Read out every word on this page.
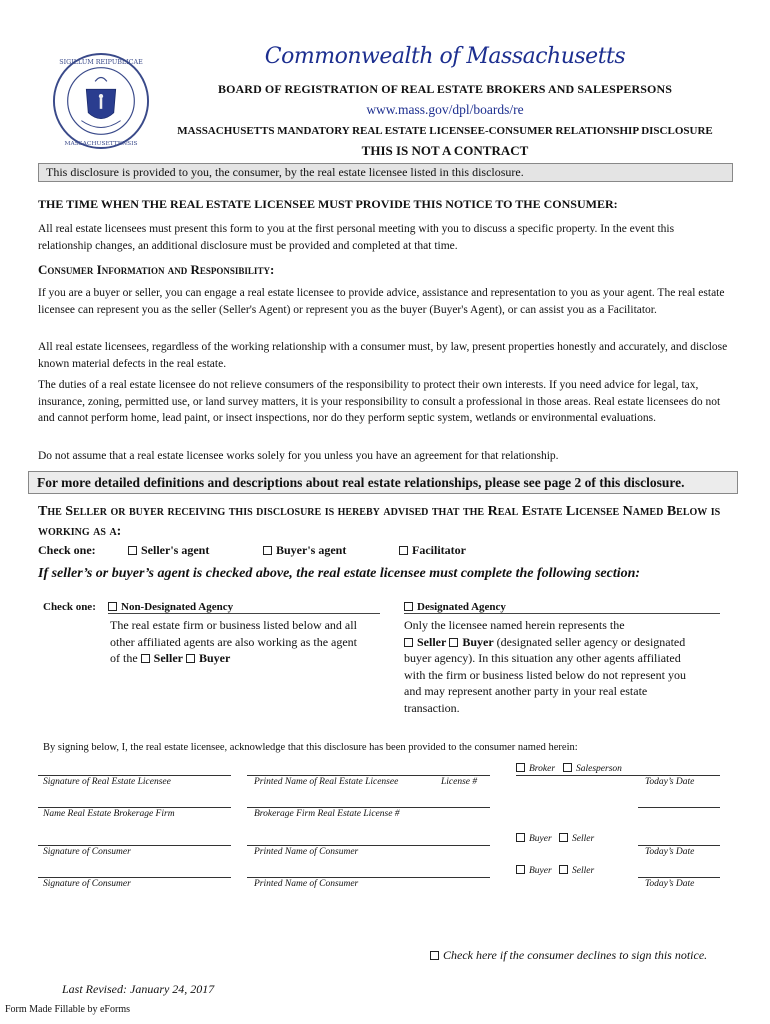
SIGILLUM REIPUBLICAE
MASSACHUSETTENSIS
Commonwealth of Massachusetts
BOARD OF REGISTRATION OF REAL ESTATE BROKERS AND SALESPERSONS
www.mass.gov/dpl/boards/re
MASSACHUSETTS MANDATORY REAL ESTATE LICENSEE-CONSUMER RELATIONSHIP DISCLOSURE
THIS IS NOT A CONTRACT
This disclosure is provided to you, the consumer, by the real estate licensee listed in this disclosure.
THE TIME WHEN THE REAL ESTATE LICENSEE MUST PROVIDE THIS NOTICE TO THE CONSUMER:
All real estate licensees must present this form to you at the first personal meeting with you to discuss a specific property. In the event this relationship changes, an additional disclosure must be provided and completed at that time.
Consumer Information and Responsibility:
If you are a buyer or seller, you can engage a real estate licensee to provide advice, assistance and representation to you as your agent. The real estate licensee can represent you as the seller (Seller's Agent) or represent you as the buyer (Buyer's Agent), or can assist you as a Facilitator.
All real estate licensees, regardless of the working relationship with a consumer must, by law, present properties honestly and accurately, and disclose known material defects in the real estate.
The duties of a real estate licensee do not relieve consumers of the responsibility to protect their own interests. If you need advice for legal, tax, insurance, zoning, permitted use, or land survey matters, it is your responsibility to consult a professional in those areas. Real estate licensees do not and cannot perform home, lead paint, or insect inspections, nor do they perform septic system, wetlands or environmental evaluations.
Do not assume that a real estate licensee works solely for you unless you have an agreement for that relationship.
For more detailed definitions and descriptions about real estate relationships, please see page 2 of this disclosure.
The Seller or buyer receiving this disclosure is hereby advised that the Real Estate Licensee Named Below is working as a:
Check one:	Seller's agent	Buyer's agent	Facilitator
If seller’s or buyer’s agent is checked above, the real estate licensee must complete the following section:
Check one:	Non-Designated Agency
The real estate firm or business listed below and all
other affiliated agents are also working as the agent
of the Seller Buyer
Designated Agency
Only the licensee named herein represents the
Seller Buyer (designated seller agency or designated
buyer agency). In this situation any other agents affiliated
with the firm or business listed below do not represent you
and may represent another party in your real estate
transaction.
By signing below, I, the real estate licensee, acknowledge that this disclosure has been provided to the consumer named herein:
Broker	Salesperson
Signature of Real Estate Licensee	Printed Name of Real Estate Licensee	License #	Today’s Date
Name Real Estate Brokerage Firm	Brokerage Firm Real Estate License #
Buyer	Seller
Signature of Consumer	Printed Name of Consumer	Today’s Date
Buyer	Seller
Signature of Consumer	Printed Name of Consumer	Today’s Date
Check here if the consumer declines to sign this notice.
Last Revised: January 24, 2017
Form Made Fillable by eForms
